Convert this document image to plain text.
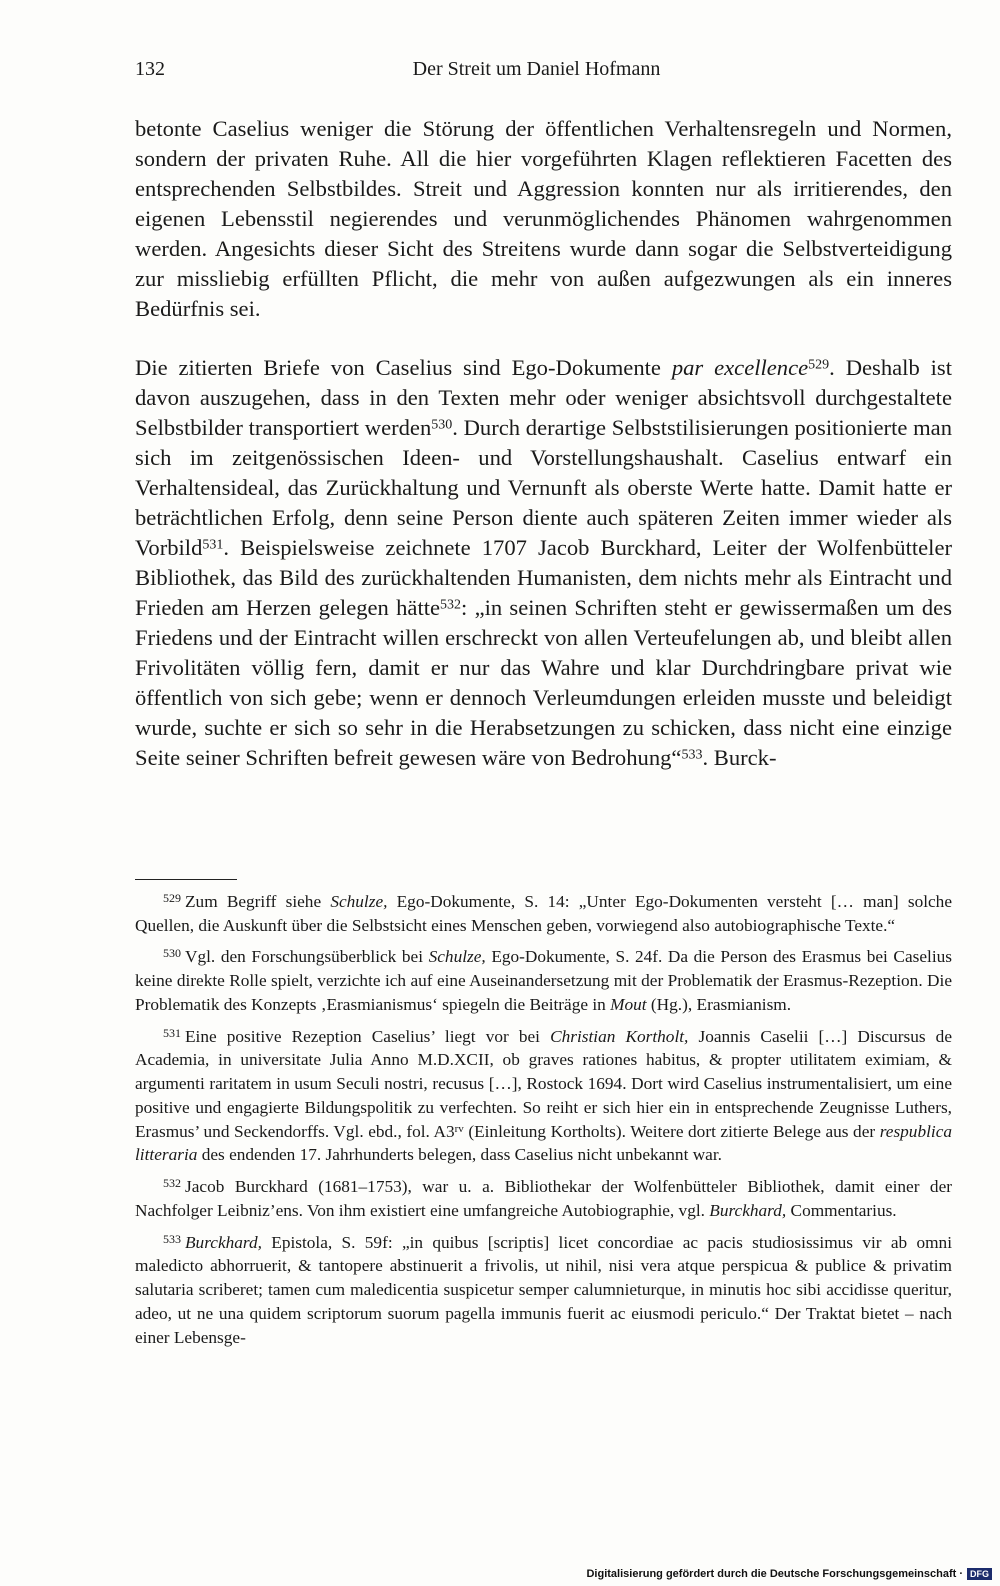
132	Der Streit um Daniel Hofmann

betonte Caselius weniger die Störung der öffentlichen Verhaltensregeln und Normen, sondern der privaten Ruhe. All die hier vorgeführten Klagen reflektieren Facetten des entsprechenden Selbstbildes. Streit und Aggression konnten nur als irritierendes, den eigenen Lebensstil negierendes und verunmöglichendes Phänomen wahrgenommen werden. Angesichts dieser Sicht des Streitens wurde dann sogar die Selbstverteidigung zur missliebig erfüllten Pflicht, die mehr von außen aufgezwungen als ein inneres Bedürfnis sei.

Die zitierten Briefe von Caselius sind Ego-Dokumente par excellence$^{529}$. Deshalb ist davon auszugehen, dass in den Texten mehr oder weniger absichtsvoll durchgestaltete Selbstbilder transportiert werden$^{530}$. Durch derartige Selbststilisierungen positionierte man sich im zeitgenössischen Ideen- und Vorstellungshaushalt. Caselius entwarf ein Verhaltensideal, das Zurückhaltung und Vernunft als oberste Werte hatte. Damit hatte er beträchtlichen Erfolg, denn seine Person diente auch späteren Zeiten immer wieder als Vorbild$^{531}$. Beispielsweise zeichnete 1707 Jacob Burckhard, Leiter der Wolfenbütteler Bibliothek, das Bild des zurückhaltenden Humanisten, dem nichts mehr als Eintracht und Frieden am Herzen gelegen hätte$^{532}$: „in seinen Schriften steht er gewissermaßen um des Friedens und der Eintracht willen erschreckt von allen Verteufelungen ab, und bleibt allen Frivolitäten völlig fern, damit er nur das Wahre und klar Durchdringbare privat wie öffentlich von sich gebe; wenn er dennoch Verleumdungen erleiden musste und beleidigt wurde, suchte er sich so sehr in die Herabsetzungen zu schicken, dass nicht eine einzige Seite seiner Schriften befreit gewesen wäre von Bedrohung“$^{533}$. Burck-

$^{529}$ Zum Begriff siehe Schulze, Ego-Dokumente, S. 14: „Unter Ego-Dokumenten versteht [… man] solche Quellen, die Auskunft über die Selbstsicht eines Menschen geben, vorwiegend also autobiographische Texte.“

$^{530}$ Vgl. den Forschungsüberblick bei Schulze, Ego-Dokumente, S. 24f. Da die Person des Erasmus bei Caselius keine direkte Rolle spielt, verzichte ich auf eine Auseinandersetzung mit der Problematik der Erasmus-Rezeption. Die Problematik des Konzepts ‚Erasmianismus‘ spiegeln die Beiträge in Mout (Hg.), Erasmianism.

$^{531}$ Eine positive Rezeption Caselius’ liegt vor bei Christian Kortholt, Joannis Caselii […] Discursus de Academia, in universitate Julia Anno M.D.XCII, ob graves rationes habitus, & propter utilitatem eximiam, & argumenti raritatem in usum Seculi nostri, recusus […], Rostock 1694. Dort wird Caselius instrumentalisiert, um eine positive und engagierte Bildungspolitik zu verfechten. So reiht er sich hier ein in entsprechende Zeugnisse Luthers, Erasmus’ und Seckendorffs. Vgl. ebd., fol. $A3^{rv}$ (Einleitung Kortholts). Weitere dort zitierte Belege aus der respublica litteraria des endenden 17. Jahrhunderts belegen, dass Caselius nicht unbekannt war.

$^{532}$ Jacob Burckhard (1681–1753), war u. a. Bibliothekar der Wolfenbütteler Bibliothek, damit einer der Nachfolger Leibniz’ens. Von ihm existiert eine umfangreiche Autobiographie, vgl. Burckhard, Commentarius.

$^{533}$ Burckhard, Epistola, S. 59f: „in quibus [scriptis] licet concordiae ac pacis studiosissimus vir ab omni maledicto abhorruerit, & tantopere abstinuerit a frivolis, ut nihil, nisi vera atque perspicua & publice & privatim salutaria scriberet; tamen cum maledicentia suspicetur semper calumnieturque, in minutis hoc sibi accidisse queritur, adeo, ut ne una quidem scriptorum suorum pagella immunis fuerit ac eiusmodi periculo.“ Der Traktat bietet – nach einer Lebensge-

Digitalisierung gefördert durch die Deutsche Forschungsgemeinschaft · DFG
